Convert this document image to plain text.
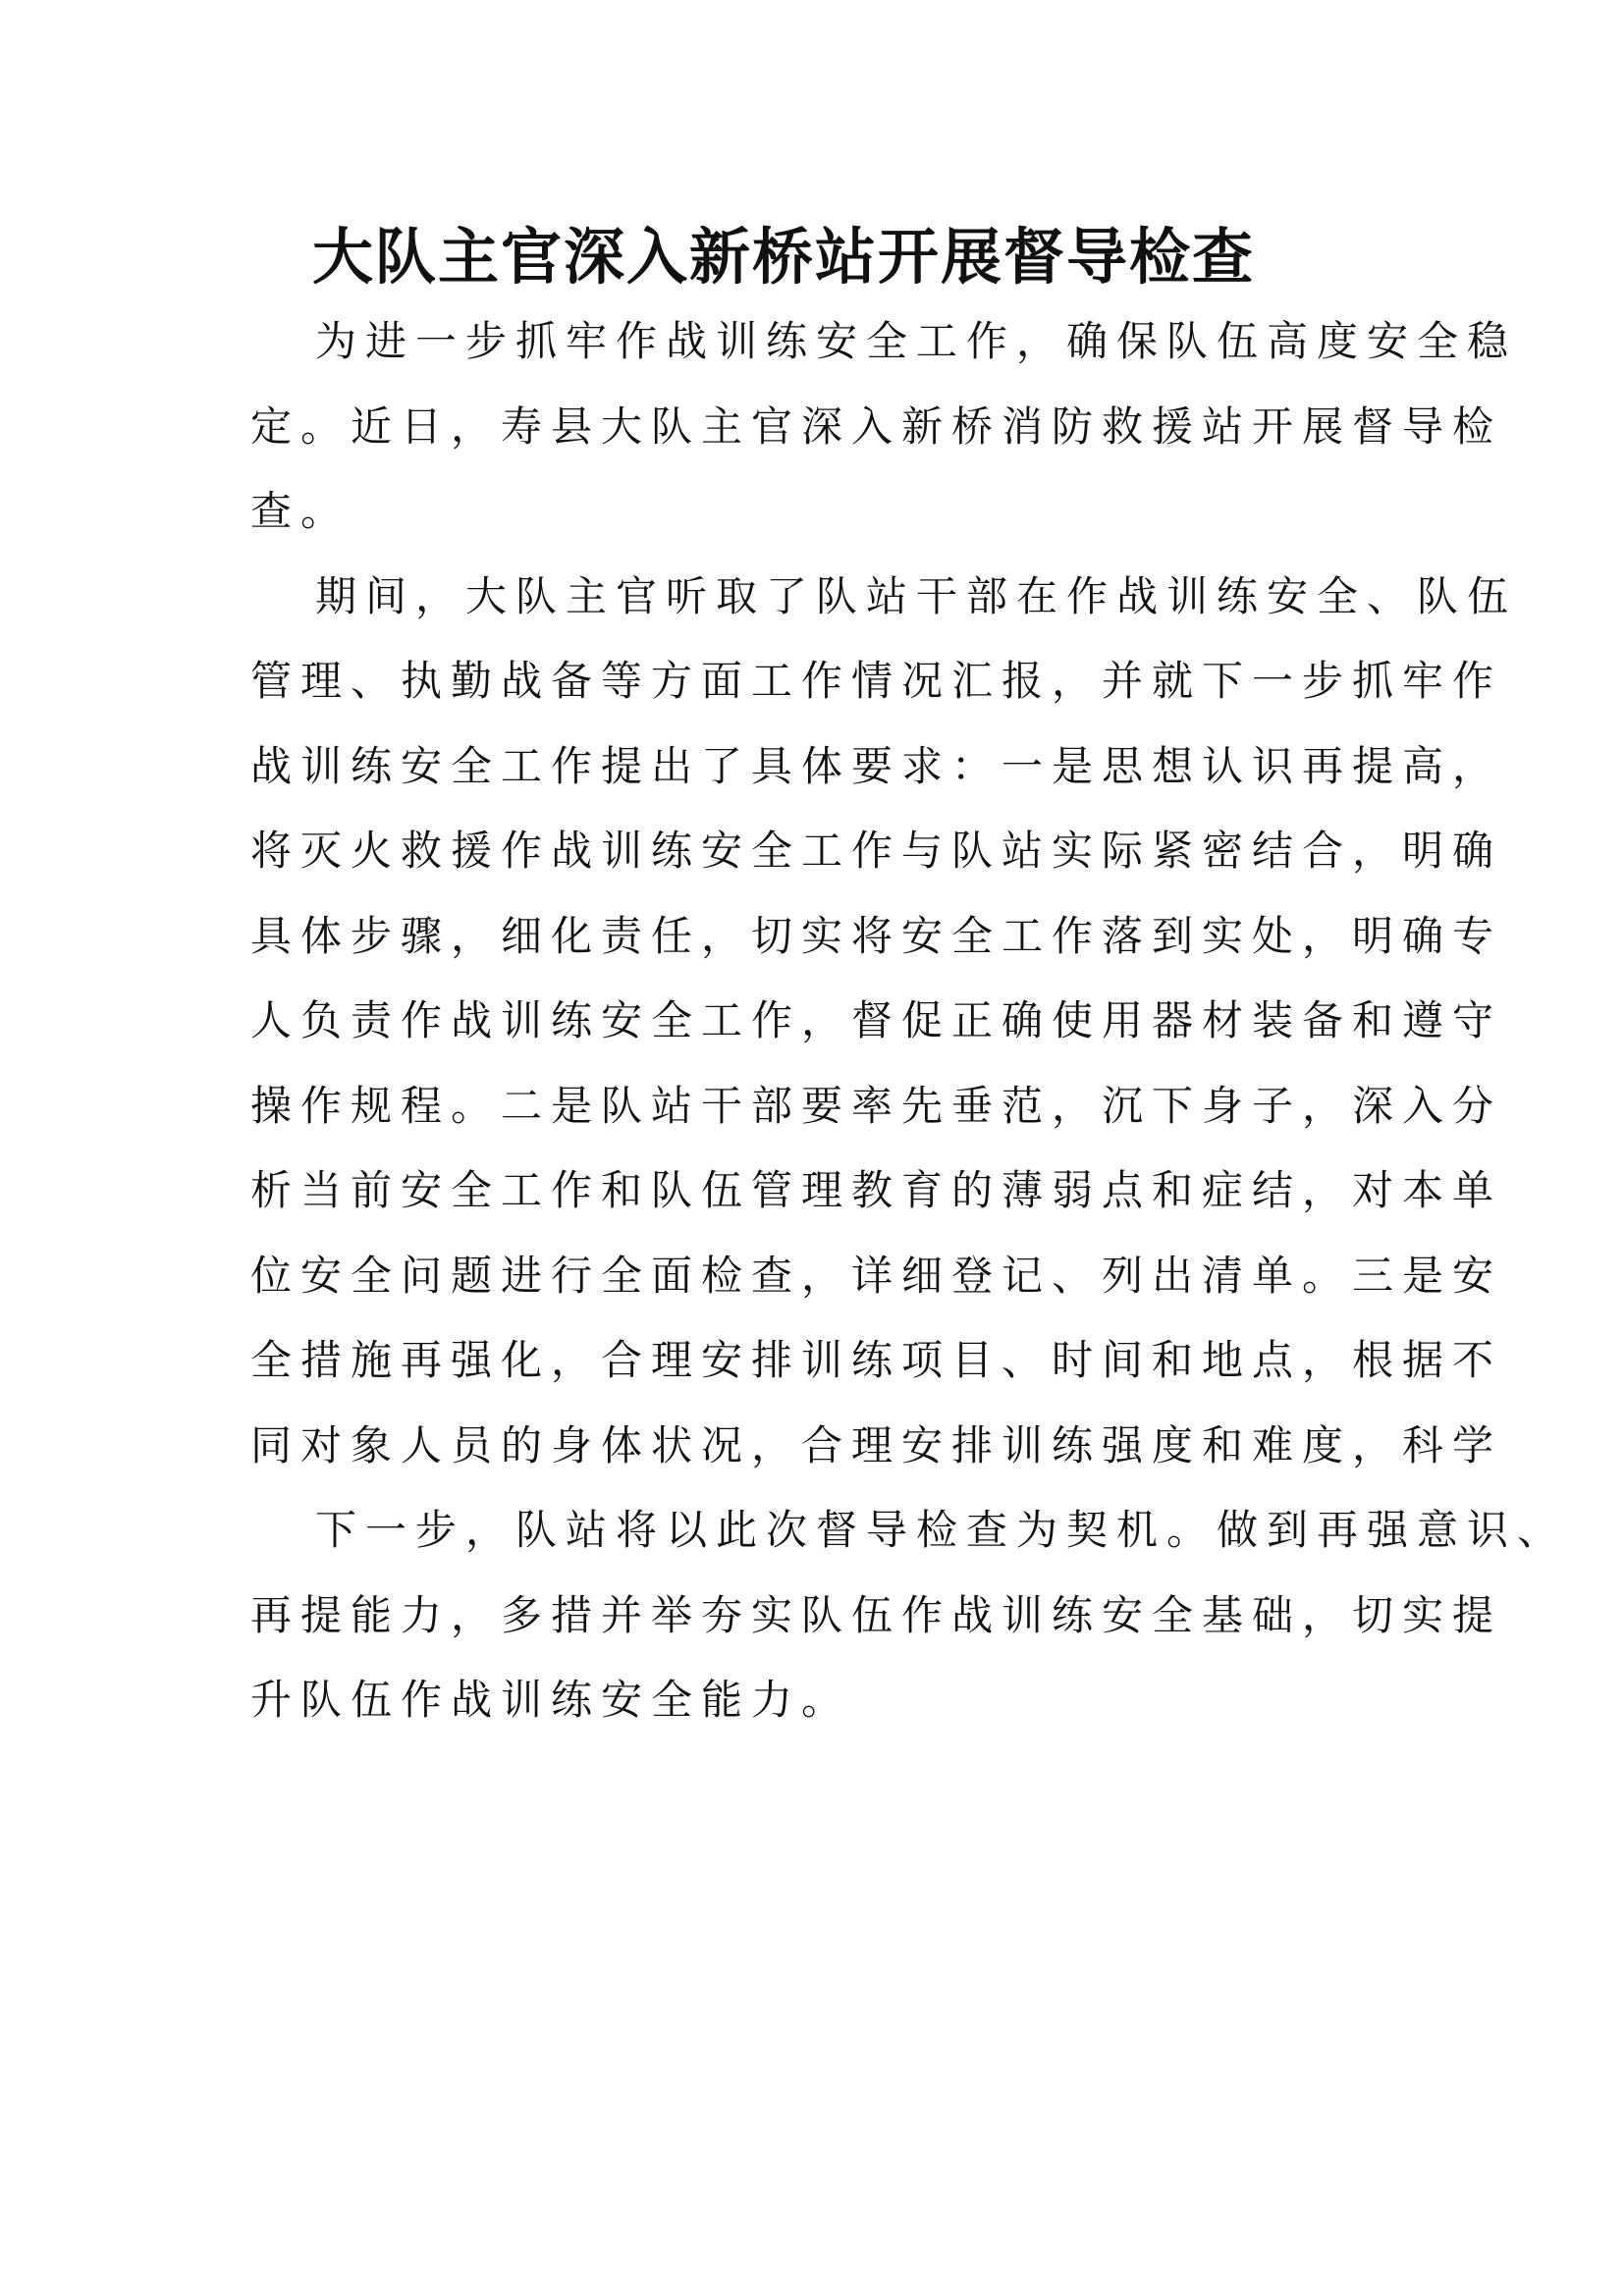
大队主官深入新桥站开展督导检查

为进一步抓牢作战训练安全工作，确保队伍高度安全稳
定。近日，寿县大队主官深入新桥消防救援站开展督导检
查。

期间，大队主官听取了队站干部在作战训练安全、队伍
管理、执勤战备等方面工作情况汇报，并就下一步抓牢作
战训练安全工作提出了具体要求：一是思想认识再提高，
将灭火救援作战训练安全工作与队站实际紧密结合，明确
具体步骤，细化责任，切实将安全工作落到实处，明确专
人负责作战训练安全工作，督促正确使用器材装备和遵守
操作规程。二是队站干部要率先垂范，沉下身子，深入分
析当前安全工作和队伍管理教育的薄弱点和症结，对本单
位安全问题进行全面检查，详细登记、列出清单。三是安
全措施再强化，合理安排训练项目、时间和地点，根据不
同对象人员的身体状况，合理安排训练强度和难度，科学

下一步，队站将以此次督导检查为契机。做到再强意识、
再提能力，多措并举夯实队伍作战训练安全基础，切实提
升队伍作战训练安全能力。
